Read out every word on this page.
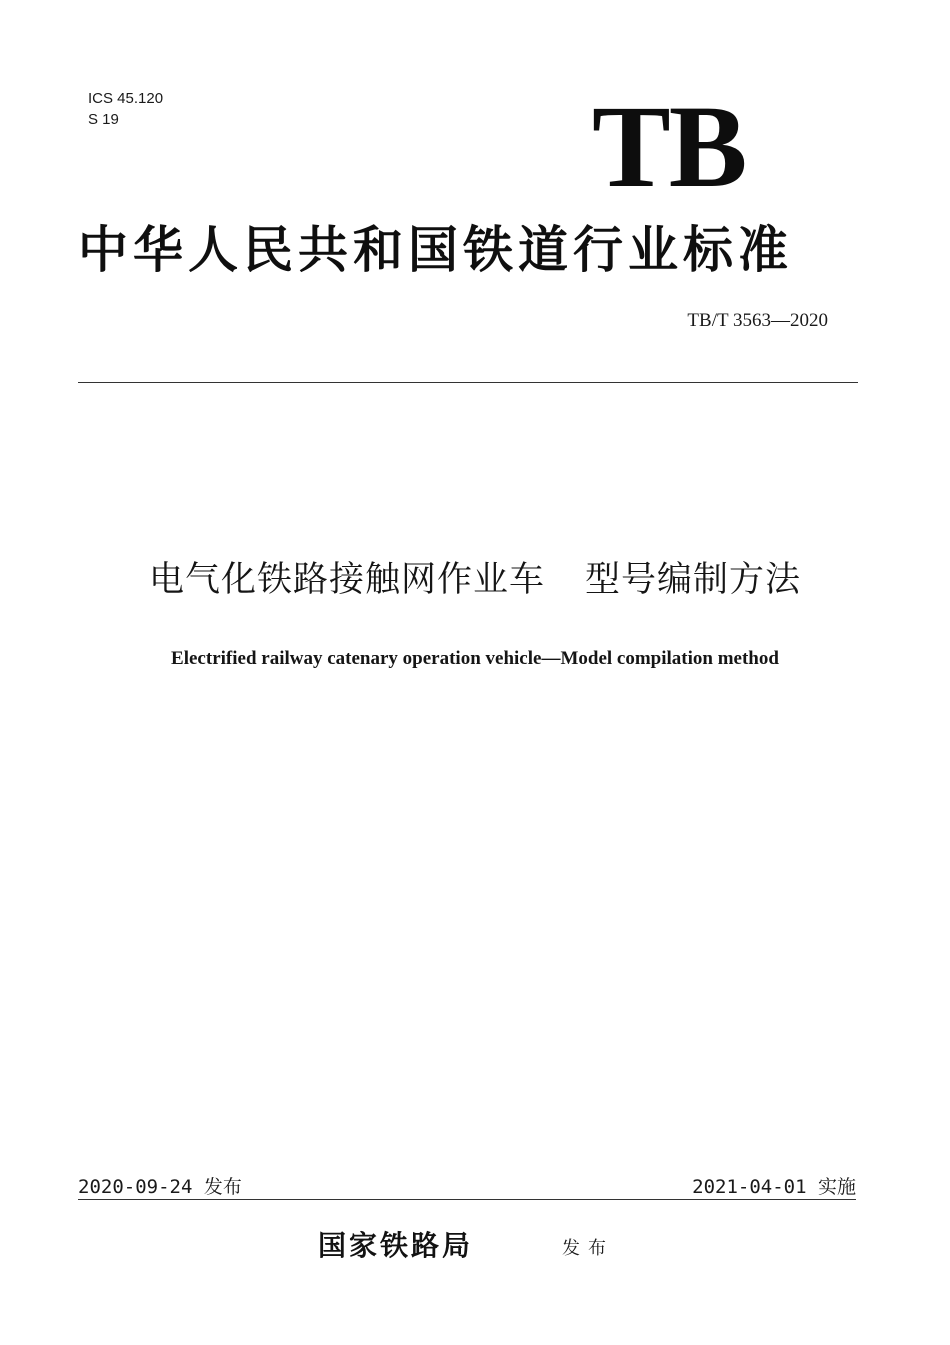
ICS 45.120
S 19	TB
中华人民共和国铁道行业标准
TB/T 3563—2020
电气化铁路接触网作业车 型号编制方法
Electrified railway catenary operation vehicle—Model compilation method
2020-09-24 发布	2021-04-01 实施
国家铁路局	发布
